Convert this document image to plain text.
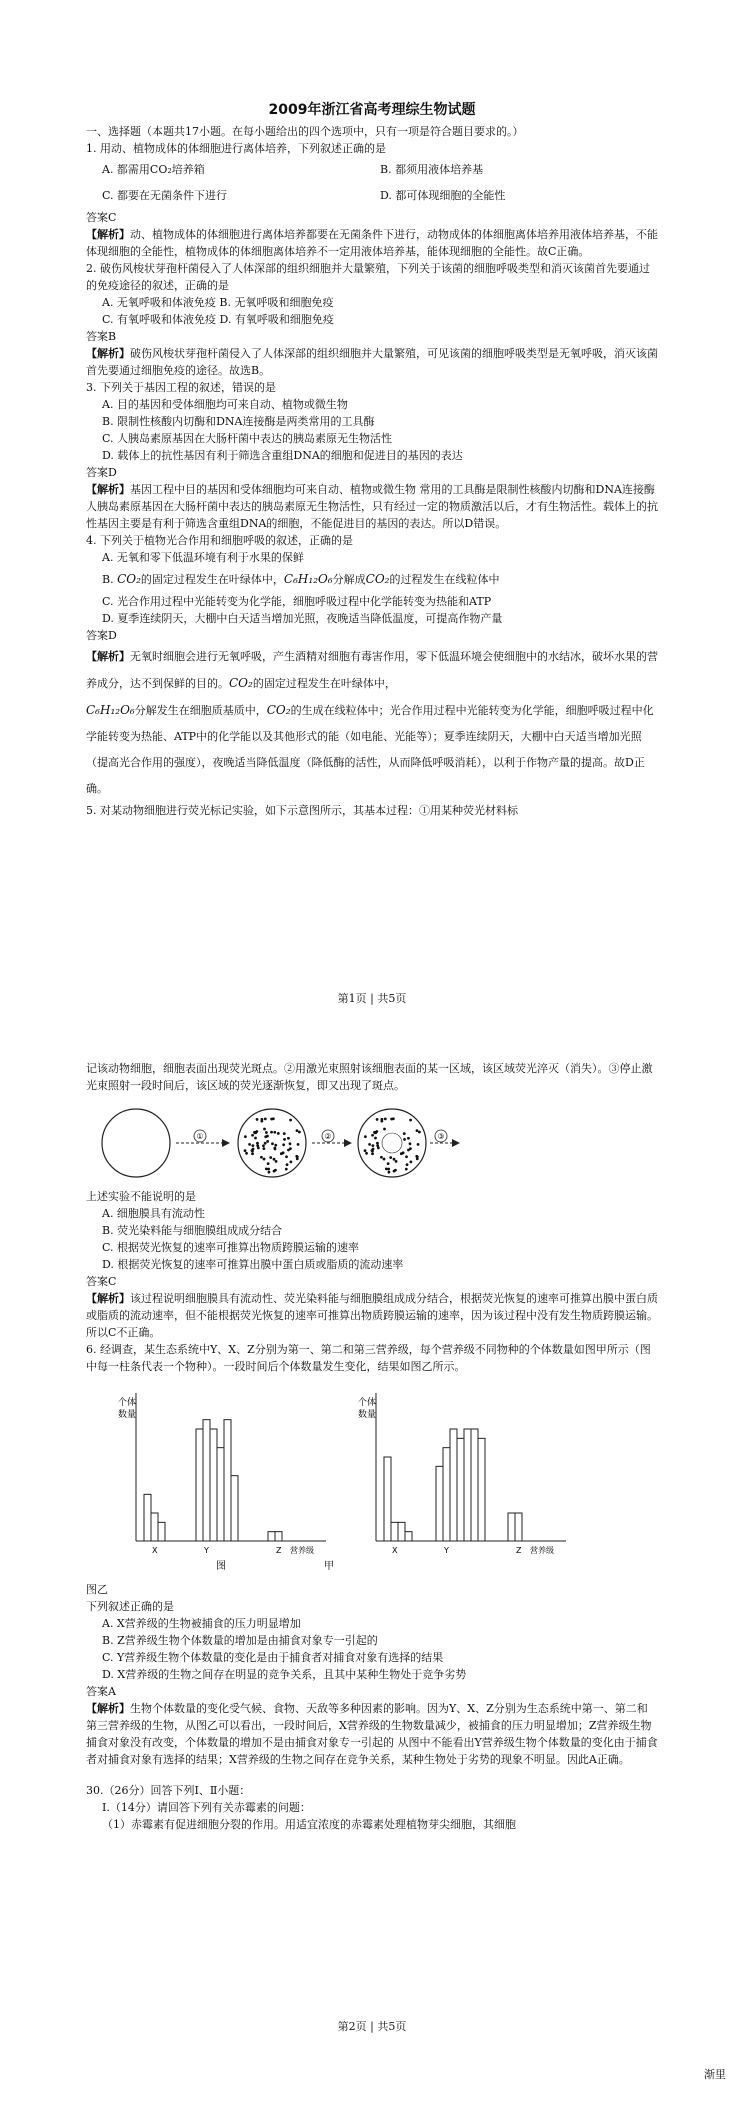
2009年浙江省高考理综生物试题

一、选择题（本题共17小题。在每小题给出的四个选项中，只有一项是符合题目要求的。）

1. 用动、植物成体的体细胞进行离体培养，下列叙述正确的是

A. 都需用CO₂培养箱	B. 都须用液体培养基
C. 都要在无菌条件下进行	D. 都可体现细胞的全能性

答案C

【解析】动、植物成体的体细胞进行离体培养都要在无菌条件下进行，动物成体的体细胞离体培养用液体培养基，不能体现细胞的全能性，植物成体的体细胞离体培养不一定用液体培养基，能体现细胞的全能性。故C正确。

2. 破伤风梭状芽孢杆菌侵入了人体深部的组织细胞并大量繁殖，下列关于该菌的细胞呼吸类型和消灭该菌首先要通过的免疫途径的叙述，正确的是

A. 无氧呼吸和体液免疫 B. 无氧呼吸和细胞免疫

C. 有氧呼吸和体液免疫 D. 有氧呼吸和细胞免疫

答案B

【解析】破伤风梭状芽孢杆菌侵入了人体深部的组织细胞并大量繁殖，可见该菌的细胞呼吸类型是无氧呼吸，消灭该菌首先要通过细胞免疫的途径。故选B。

3. 下列关于基因工程的叙述，错误的是

A. 目的基因和受体细胞均可来自动、植物或微生物

B. 限制性核酸内切酶和DNA连接酶是两类常用的工具酶

C. 人胰岛素原基因在大肠杆菌中表达的胰岛素原无生物活性

D. 载体上的抗性基因有利于筛选含重组DNA的细胞和促进目的基因的表达

答案D

【解析】基因工程中目的基因和受体细胞均可来自动、植物或微生物 常用的工具酶是限制性核酸内切酶和DNA连接酶 人胰岛素原基因在大肠杆菌中表达的胰岛素原无生物活性，只有经过一定的物质激活以后，才有生物活性。载体上的抗性基因主要是有利于筛选含重组DNA的细胞，不能促进目的基因的表达。所以D错误。

4. 下列关于植物光合作用和细胞呼吸的叙述，正确的是

A. 无氧和零下低温环境有利于水果的保鲜

B. CO₂的固定过程发生在叶绿体中，C₆H₁₂O₆分解成CO₂的过程发生在线粒体中

C. 光合作用过程中光能转变为化学能，细胞呼吸过程中化学能转变为热能和ATP

D. 夏季连续阴天，大棚中白天适当增加光照，夜晚适当降低温度，可提高作物产量

答案D

【解析】无氧时细胞会进行无氧呼吸，产生酒精对细胞有毒害作用，零下低温环境会使细胞中的水结冰，破坏水果的营养成分，达不到保鲜的目的。CO₂的固定过程发生在叶绿体中，
C₆H₁₂O₆分解发生在细胞质基质中，CO₂的生成在线粒体中；光合作用过程中光能转变为化学能，细胞呼吸过程中化学能转变为热能、ATP中的化学能以及其他形式的能（如电能、光能等）；夏季连续阴天，大棚中白天适当增加光照（提高光合作用的强度），夜晚适当降低温度（降低酶的活性，从而降低呼吸消耗），以利于作物产量的提高。故D正确。

5. 对某动物细胞进行荧光标记实验，如下示意图所示，其基本过程：①用某种荧光材料标

第1页 | 共5页

记该动物细胞，细胞表面出现荧光斑点。②用激光束照射该细胞表面的某一区域，该区域荧光淬灭（消失）。③停止激光束照射一段时间后，该区域的荧光逐渐恢复，即又出现了斑点。

①	②	③

上述实验不能说明的是

A. 细胞膜具有流动性

B. 荧光染料能与细胞膜组成成分结合

C. 根据荧光恢复的速率可推算出物质跨膜运输的速率

D. 根据荧光恢复的速率可推算出膜中蛋白质或脂质的流动速率

答案C

【解析】该过程说明细胞膜具有流动性、荧光染料能与细胞膜组成成分结合，根据荧光恢复的速率可推算出膜中蛋白质或脂质的流动速率，但不能根据荧光恢复的速率可推算出物质跨膜运输的速率，因为该过程中没有发生物质跨膜运输。所以C不正确。

6. 经调查，某生态系统中Y、X、Z分别为第一、第二和第三营养级，每个营养级不同物种的个体数量如图甲所示（图中每一柱条代表一个物种）。一段时间后个体数量发生变化，结果如图乙所示。

个体
数量
X	Y	Z 营养级
图
个体
数量
X	Y	Z 营养级
甲

图乙

下列叙述正确的是

A. X营养级的生物被捕食的压力明显增加

B. Z营养级生物个体数量的增加是由捕食对象专一引起的

C. Y营养级生物个体数量的变化是由于捕食者对捕食对象有选择的结果

D. X营养级的生物之间存在明显的竞争关系，且其中某种生物处于竞争劣势

答案A

【解析】生物个体数量的变化受气候、食物、天敌等多种因素的影响。因为Y、X、Z分别为生态系统中第一、第二和第三营养级的生物，从图乙可以看出，一段时间后，X营养级的生物数量减少，被捕食的压力明显增加；Z营养级生物捕食对象没有改变，个体数量的增加不是由捕食对象专一引起的 从图中不能看出Y营养级生物个体数量的变化由于捕食者对捕食对象有选择的结果；X营养级的生物之间存在竞争关系，某种生物处于劣势的现象不明显。因此A正确。

30.（26分）回答下列Ⅰ、Ⅱ小题：

Ⅰ.（14分）请回答下列有关赤霉素的问题：

（1）赤霉素有促进细胞分裂的作用。用适宜浓度的赤霉素处理植物芽尖细胞，其细胞

第2页 | 共5页
渐里
